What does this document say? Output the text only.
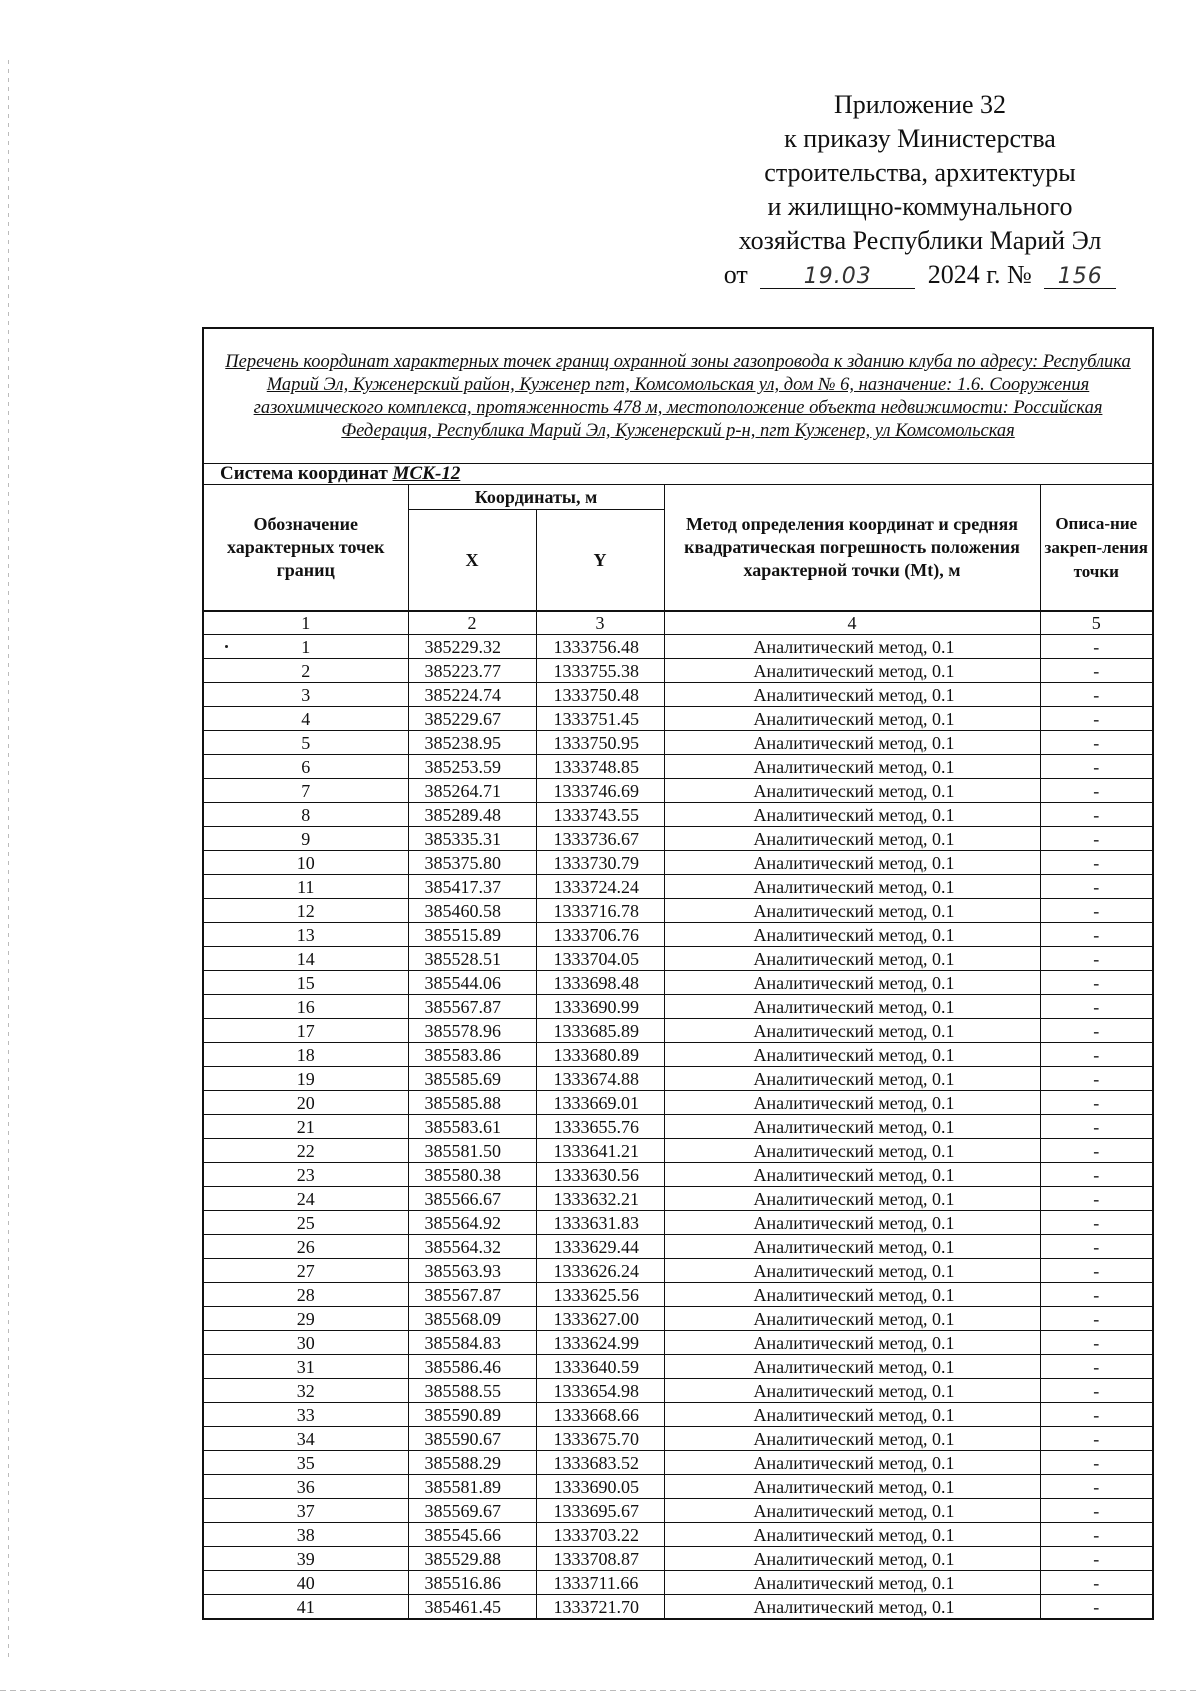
Приложение 32
к приказу Министерства
строительства, архитектуры
и жилищно-коммунального
хозяйства Республики Марий Эл
от	19.03 2024 г. № 156
Перечень координат характерных точек границ охранной зоны газопровода к зданию клуба по адресу: Республика Марий Эл, Куженерский район, Куженер пгт, Комсомольская ул, дом № 6, назначение: 1.6. Сооружения газохимического комплекса, протяженность 478 м, местоположение объекта недвижимости: Российская Федерация, Республика Марий Эл, Куженерский р-н, пгт Куженер, ул Комсомольская				
Система координат МСК-12				
Обозначение характерных точек границ	Координаты, м		Метод определения координат и средняя квадратическая погрешность положения характерной точки (Mt), м	Описа-ние закреп-ления точки
	X	Y		
1	2	3	4	5
1	385229.32	1333756.48	Аналитический метод, 0.1	-
2	385223.77	1333755.38	Аналитический метод, 0.1	-
3	385224.74	1333750.48	Аналитический метод, 0.1	-
4	385229.67	1333751.45	Аналитический метод, 0.1	-
5	385238.95	1333750.95	Аналитический метод, 0.1	-
6	385253.59	1333748.85	Аналитический метод, 0.1	-
7	385264.71	1333746.69	Аналитический метод, 0.1	-
8	385289.48	1333743.55	Аналитический метод, 0.1	-
9	385335.31	1333736.67	Аналитический метод, 0.1	-
10	385375.80	1333730.79	Аналитический метод, 0.1	-
11	385417.37	1333724.24	Аналитический метод, 0.1	-
12	385460.58	1333716.78	Аналитический метод, 0.1	-
13	385515.89	1333706.76	Аналитический метод, 0.1	-
14	385528.51	1333704.05	Аналитический метод, 0.1	-
15	385544.06	1333698.48	Аналитический метод, 0.1	-
16	385567.87	1333690.99	Аналитический метод, 0.1	-
17	385578.96	1333685.89	Аналитический метод, 0.1	-
18	385583.86	1333680.89	Аналитический метод, 0.1	-
19	385585.69	1333674.88	Аналитический метод, 0.1	-
20	385585.88	1333669.01	Аналитический метод, 0.1	-
21	385583.61	1333655.76	Аналитический метод, 0.1	-
22	385581.50	1333641.21	Аналитический метод, 0.1	-
23	385580.38	1333630.56	Аналитический метод, 0.1	-
24	385566.67	1333632.21	Аналитический метод, 0.1	-
25	385564.92	1333631.83	Аналитический метод, 0.1	-
26	385564.32	1333629.44	Аналитический метод, 0.1	-
27	385563.93	1333626.24	Аналитический метод, 0.1	-
28	385567.87	1333625.56	Аналитический метод, 0.1	-
29	385568.09	1333627.00	Аналитический метод, 0.1	-
30	385584.83	1333624.99	Аналитический метод, 0.1	-
31	385586.46	1333640.59	Аналитический метод, 0.1	-
32	385588.55	1333654.98	Аналитический метод, 0.1	-
33	385590.89	1333668.66	Аналитический метод, 0.1	-
34	385590.67	1333675.70	Аналитический метод, 0.1	-
35	385588.29	1333683.52	Аналитический метод, 0.1	-
36	385581.89	1333690.05	Аналитический метод, 0.1	-
37	385569.67	1333695.67	Аналитический метод, 0.1	-
38	385545.66	1333703.22	Аналитический метод, 0.1	-
39	385529.88	1333708.87	Аналитический метод, 0.1	-
40	385516.86	1333711.66	Аналитический метод, 0.1	-
41	385461.45	1333721.70	Аналитический метод, 0.1	-
